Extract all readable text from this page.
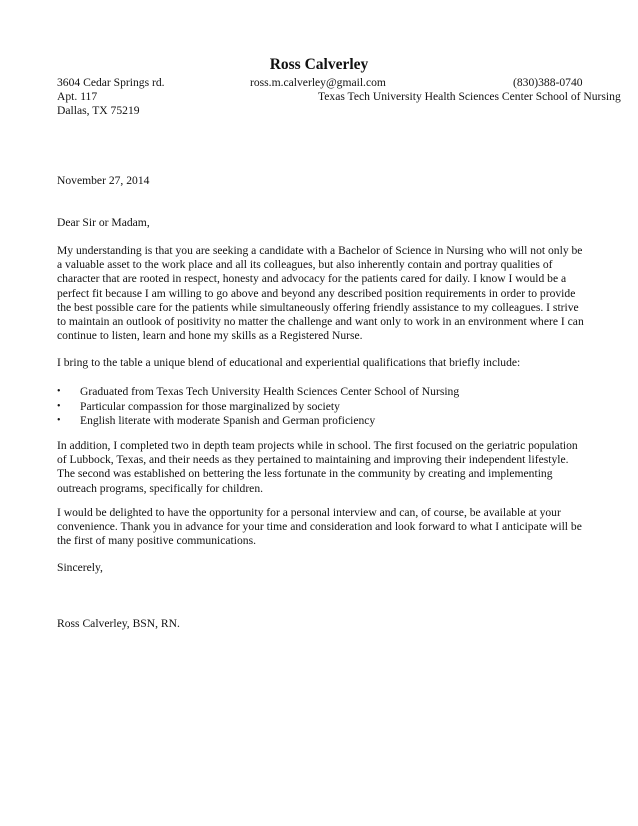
Ross Calverley
3604 Cedar Springs rd.	ross.m.calverley@gmail.com	(830)388-0740
Apt. 117	Texas Tech University Health Sciences Center School of Nursing
Dallas, TX 75219
November 27, 2014
Dear Sir or Madam,

My understanding is that you are seeking a candidate with a Bachelor of Science in Nursing who will not only be a valuable asset to the work place and all its colleagues, but also inherently contain and portray qualities of character that are rooted in respect, honesty and advocacy for the patients cared for daily. I know I would be a perfect fit because I am willing to go above and beyond any described position requirements in order to provide the best possible care for the patients while simultaneously offering friendly assistance to my colleagues. I strive to maintain an outlook of positivity no matter the challenge and want only to work in an environment where I can continue to listen, learn and hone my skills as a Registered Nurse.

I bring to the table a unique blend of educational and experiential qualifications that briefly include:
• Graduated from Texas Tech University Health Sciences Center School of Nursing
• Particular compassion for those marginalized by society
• English literate with moderate Spanish and German proficiency

In addition, I completed two in depth team projects while in school. The first focused on the geriatric population of Lubbock, Texas, and their needs as they pertained to maintaining and improving their independent lifestyle. The second was established on bettering the less fortunate in the community by creating and implementing outreach programs, specifically for children.

I would be delighted to have the opportunity for a personal interview and can, of course, be available at your convenience. Thank you in advance for your time and consideration and look forward to what I anticipate will be the first of many positive communications.

Sincerely,
Ross Calverley, BSN, RN.
